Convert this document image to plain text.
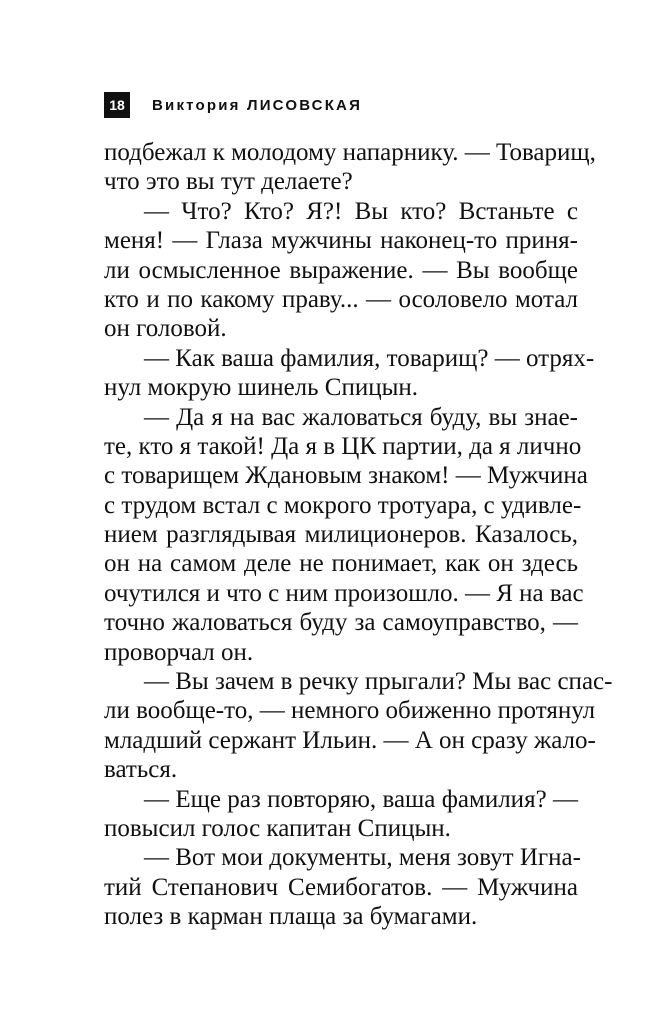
18	Виктория ЛИСОВСКАЯ
подбежал к молодому напарнику. — Товарищ,
что это вы тут делаете?
— Что? Кто? Я?! Вы кто? Встаньте с
меня! — Глаза мужчины наконец-то приня-
ли осмысленное выражение. — Вы вообще
кто и по какому праву... — осоловело мотал
он головой.
— Как ваша фамилия, товарищ? — отрях-
нул мокрую шинель Спицын.
— Да я на вас жаловаться буду, вы знае-
те, кто я такой! Да я в ЦК партии, да я лично
с товарищем Ждановым знаком! — Мужчина
с трудом встал с мокрого тротуара, с удивле-
нием разглядывая милиционеров. Казалось,
он на самом деле не понимает, как он здесь
очутился и что с ним произошло. — Я на вас
точно жаловаться буду за самоуправство, —
проворчал он.
— Вы зачем в речку прыгали? Мы вас спас-
ли вообще-то, — немного обиженно протянул
младший сержант Ильин. — А он сразу жало-
ваться.
— Еще раз повторяю, ваша фамилия? —
повысил голос капитан Спицын.
— Вот мои документы, меня зовут Игна-
тий Степанович Семибогатов. — Мужчина
полез в карман плаща за бумагами.
